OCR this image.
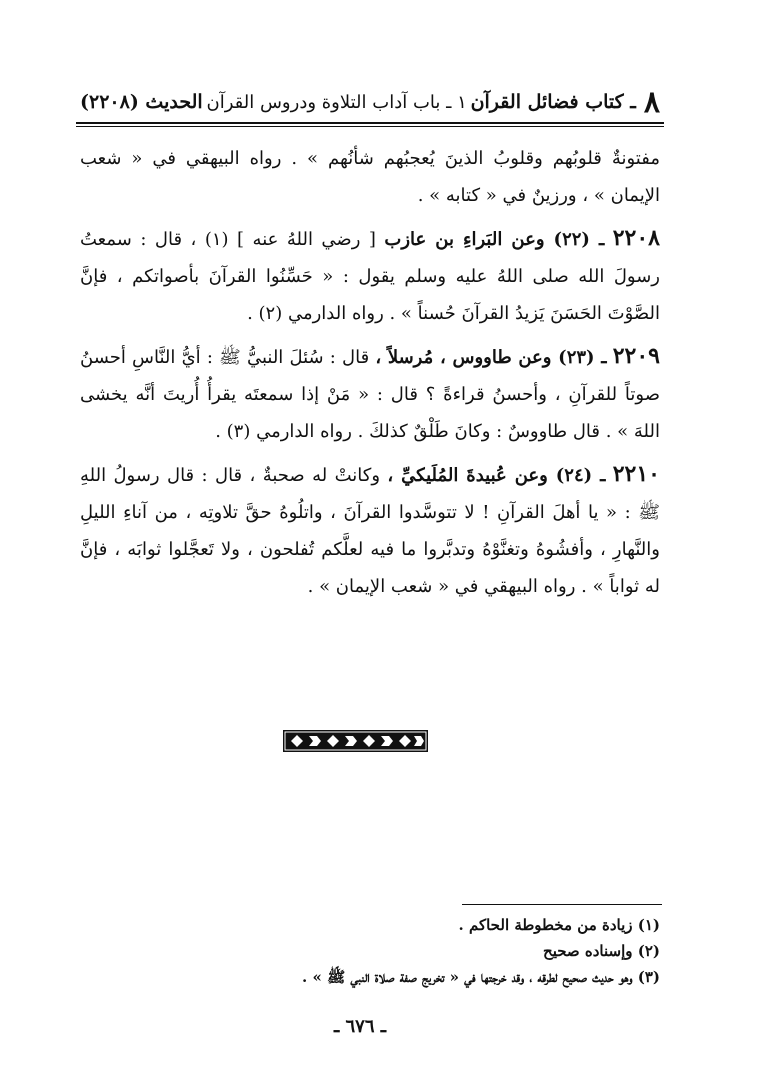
٨
ـ كتاب فضائل القرآن
١ ـ باب آداب التلاوة ودروس القرآن
الحديث (٢٢٠٨)

مفتونةٌ قلوبُهم وقلوبُ الذينَ يُعجبُهم شأنُهم » . رواه البيهقي في « شعب الإيمان » ، ورزينٌ في « كتابه » .

٢٢٠٨ ـ (٢٢) وعن البَراءِ بن عازب [ رضي اللهُ عنه ] (١) ، قال : سمعتُ رسولَ الله صلى اللهُ عليه وسلم يقول : « حَسِّنُوا القرآنَ بأصواتكم ، فإنَّ الصَّوْتَ الحَسَنَ يَزيدُ القرآنَ حُسناً » . رواه الدارمي (٢) .

٢٢٠٩ ـ (٢٣) وعن طاووس ، مُرسلاً ، قال : سُئلَ النبيُّ ﷺ : أيُّ النَّاسِ أحسنُ صوتاً للقرآنِ ، وأحسنُ قراءةً ؟ قال : « مَنْ إذا سمعتَه يقرأُ أُريتَ أنَّه يخشى اللهَ » . قال طاووسٌ : وكانَ طَلْقٌ كذلكَ . رواه الدارمي (٣) .

٢٢١٠ ـ (٢٤) وعن عُبيدةَ المُلَيكيِّ ، وكانتْ له صحبةٌ ، قال : قال رسولُ اللهِ ﷺ : « يا أهلَ القرآنِ ! لا تتوسَّدوا القرآنَ ، واتلُوهُ حقَّ تلاوتِه ، من آناءِ الليلِ والنَّهارِ ، وأفشُوهُ وتغنَّوْهُ وتدبَّروا ما فيه لعلَّكم تُفلحون ، ولا تَعجَّلوا ثوابَه ، فإنَّ له ثواباً » . رواه البيهقي في « شعب الإيمان » .

(١) زيادة من مخطوطة الحاكم .
(٢) وإسناده صحيح
(٣) وهو حديث صحيح لطرقه ، وقد خرجتها في « تخريج صفة صلاة النبي ﷺ » .
ـ ٦٧٦ ـ
